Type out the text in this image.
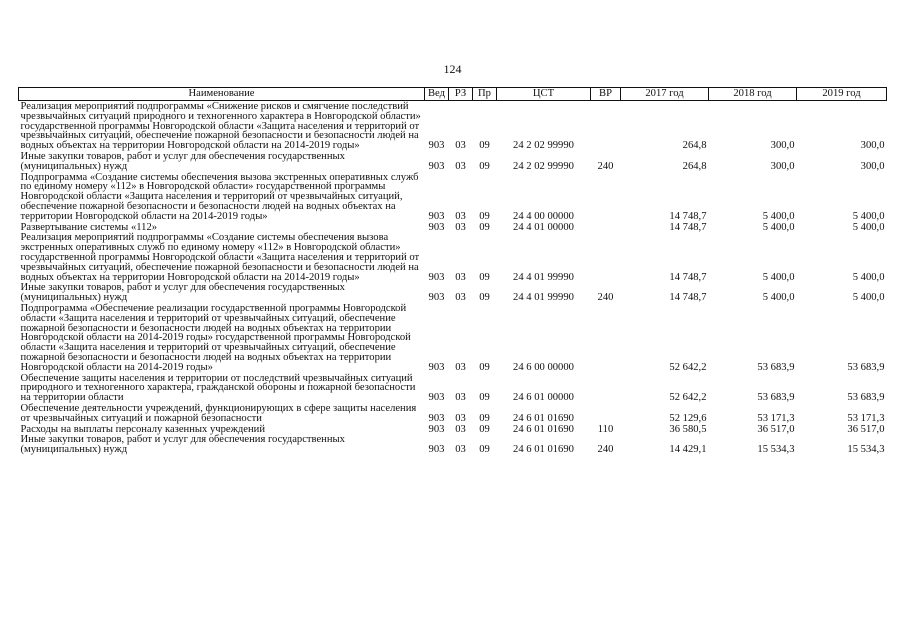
124
Наименование	Вед	РЗ	Пр	ЦСТ	ВР	2017 год	2018 год	2019 год
Реализация мероприятий подпрограммы «Снижение рисков и смягчение последствий чрезвычайных ситуаций природного и техногенного характера в Новгородской области» государственной программы Новгородской области «Защита населения и территорий от чрезвычайных ситуаций, обеспечение пожарной безопасности и безопасности людей на водных объектах на территории Новгородской области на 2014-2019 годы»	903	03	09	24 2 02 99990		264,8	300,0	300,0
Иные закупки товаров, работ и услуг для обеспечения государственных (муниципальных) нужд	903	03	09	24 2 02 99990	240	264,8	300,0	300,0
Подпрограмма «Создание системы обеспечения вызова экстренных оперативных служб по единому номеру «112» в Новгородской области» государственной программы Новгородской области «Защита населения и территорий от чрезвычайных ситуаций, обеспечение пожарной безопасности и безопасности людей на водных объектах на территории Новгородской области на 2014-2019 годы»	903	03	09	24 4 00 00000		14 748,7	5 400,0	5 400,0
Развертывание системы «112»	903	03	09	24 4 01 00000		14 748,7	5 400,0	5 400,0
Реализация мероприятий подпрограммы «Создание системы обеспечения вызова экстренных оперативных служб по единому номеру «112» в Новгородской области» государственной программы Новгородской области «Защита населения и территорий от чрезвычайных ситуаций, обеспечение пожарной безопасности и безопасности людей на водных объектах на территории Новгородской области на 2014-2019 годы»	903	03	09	24 4 01 99990		14 748,7	5 400,0	5 400,0
Иные закупки товаров, работ и услуг для обеспечения государственных (муниципальных) нужд	903	03	09	24 4 01 99990	240	14 748,7	5 400,0	5 400,0
Подпрограмма «Обеспечение реализации государственной программы Новгородской области «Защита населения и территорий от чрезвычайных ситуаций, обеспечение пожарной безопасности и безопасности людей на водных объектах на территории Новгородской области на 2014-2019 годы» государственной программы Новгородской области «Защита населения и территорий от чрезвычайных ситуаций, обеспечение пожарной безопасности и безопасности людей на водных объектах на территории Новгородской области на 2014-2019 годы»	903	03	09	24 6 00 00000		52 642,2	53 683,9	53 683,9
Обеспечение защиты населения и территории от последствий чрезвычайных ситуаций природного и техногенного характера, гражданской обороны и пожарной безопасности на территории области	903	03	09	24 6 01 00000		52 642,2	53 683,9	53 683,9
Обеспечение деятельности учреждений, функционирующих в сфере защиты населения от чрезвычайных ситуаций и пожарной безопасности	903	03	09	24 6 01 01690		52 129,6	53 171,3	53 171,3
Расходы на выплаты персоналу казенных учреждений	903	03	09	24 6 01 01690	110	36 580,5	36 517,0	36 517,0
Иные закупки товаров, работ и услуг для обеспечения государственных (муниципальных) нужд	903	03	09	24 6 01 01690	240	14 429,1	15 534,3	15 534,3
